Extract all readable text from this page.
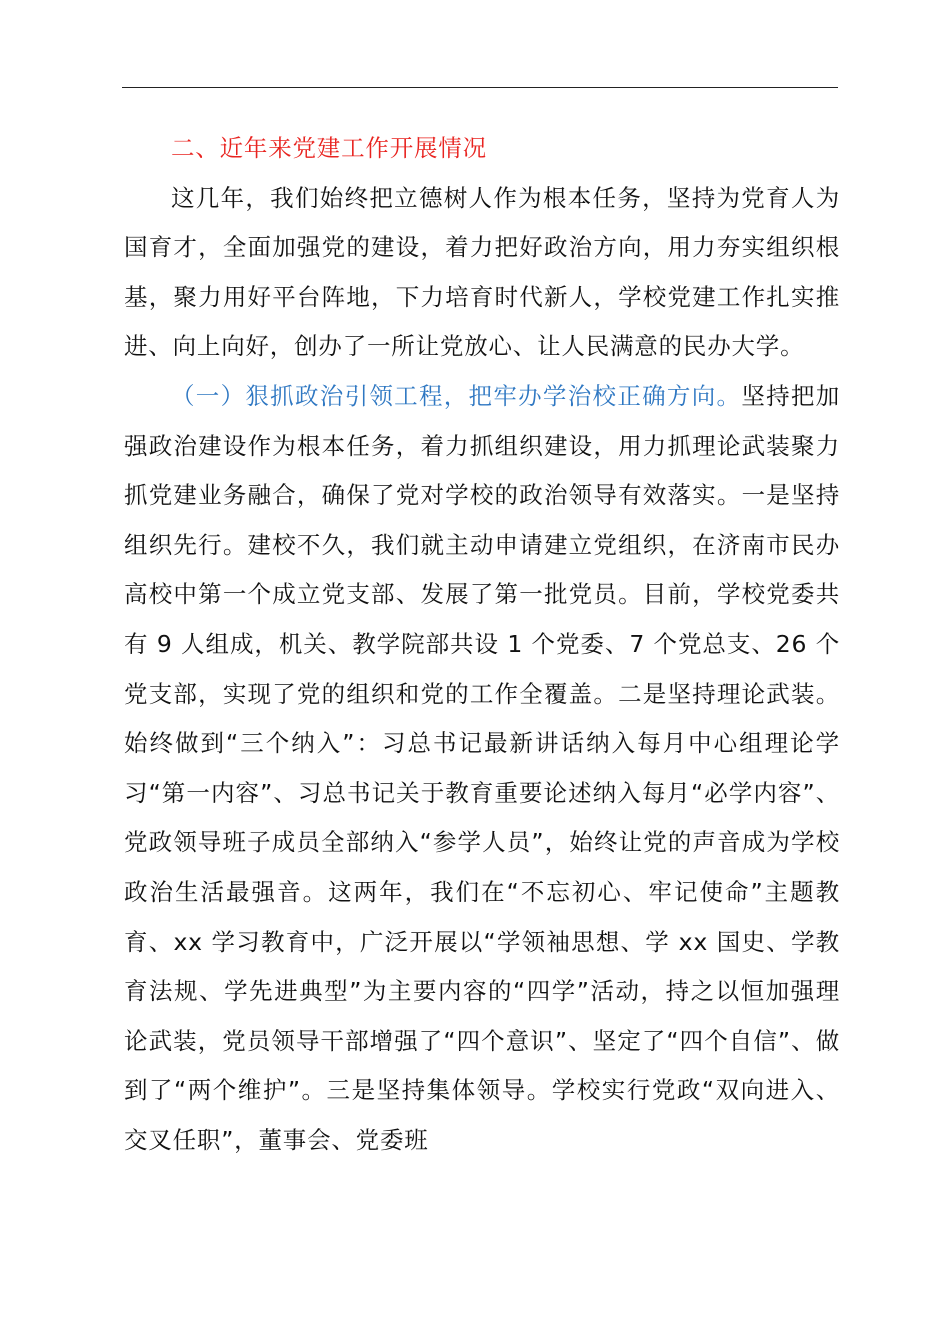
二、近年来党建工作开展情况

这几年，我们始终把立德树人作为根本任务，坚持为党育人为国育才，全面加强党的建设，着力把好政治方向，用力夯实组织根基，聚力用好平台阵地，下力培育时代新人，学校党建工作扎实推进、向上向好，创办了一所让党放心、让人民满意的民办大学。

（一）狠抓政治引领工程，把牢办学治校正确方向。坚持把加强政治建设作为根本任务，着力抓组织建设，用力抓理论武装聚力抓党建业务融合，确保了党对学校的政治领导有效落实。一是坚持组织先行。建校不久，我们就主动申请建立党组织，在济南市民办高校中第一个成立党支部、发展了第一批党员。目前，学校党委共有 9 人组成，机关、教学院部共设 1 个党委、7 个党总支、26 个党支部，实现了党的组织和党的工作全覆盖。二是坚持理论武装。始终做到“三个纳入”：习总书记最新讲话纳入每月中心组理论学习“第一内容”、习总书记关于教育重要论述纳入每月“必学内容”、党政领导班子成员全部纳入“参学人员”，始终让党的声音成为学校政治生活最强音。这两年，我们在“不忘初心、牢记使命”主题教育、xx 学习教育中，广泛开展以“学领袖思想、学 xx 国史、学教育法规、学先进典型”为主要内容的“四学”活动，持之以恒加强理论武装，党员领导干部增强了“四个意识”、坚定了“四个自信”、做到了“两个维护”。三是坚持集体领导。学校实行党政“双向进入、交叉任职”，董事会、党委班
